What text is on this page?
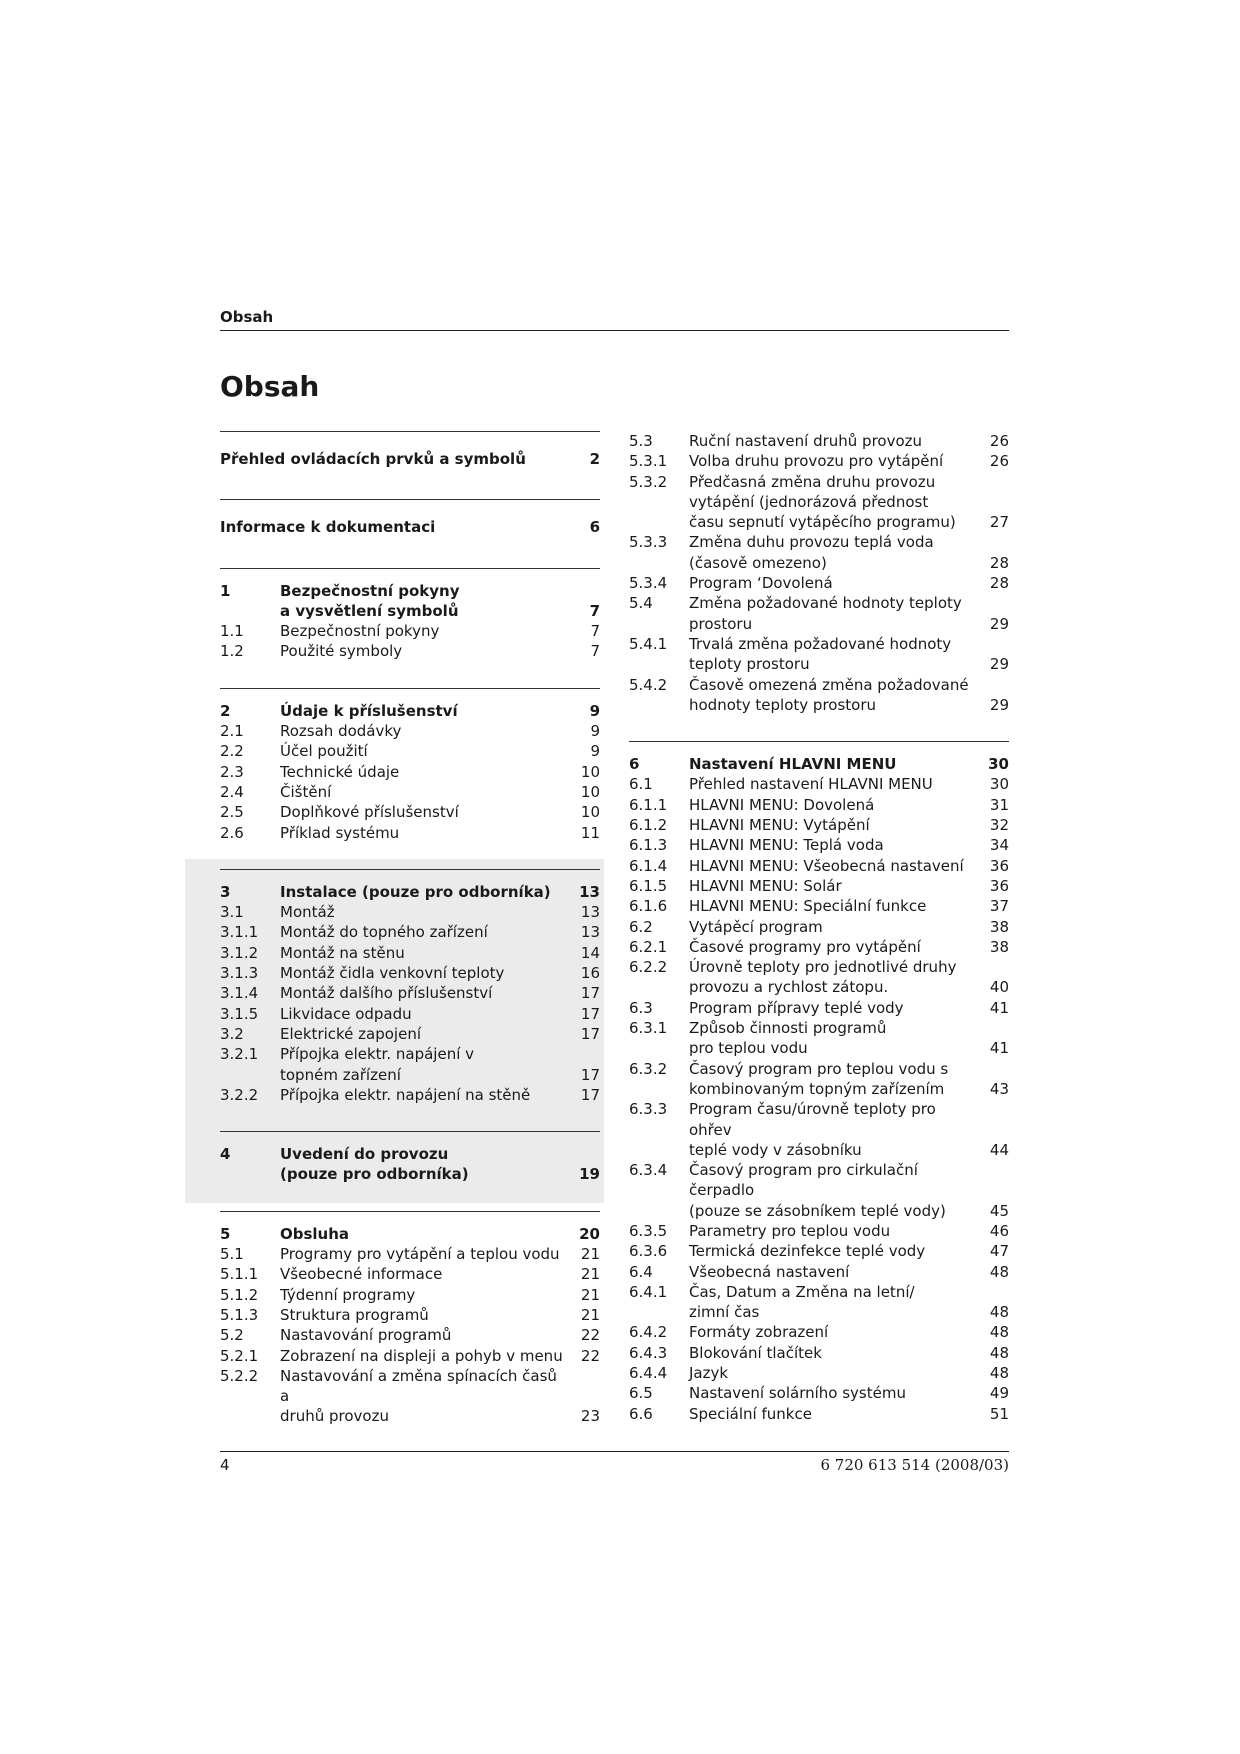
Obsah
Obsah
Přehled ovládacích prvků a symbolů	2
Informace k dokumentaci	6
1	Bezpečnostní pokyny
a vysvětlení symbolů	7
1.1	Bezpečnostní pokyny	7
1.2	Použité symboly	7
2	Údaje k příslušenství	9
2.1	Rozsah dodávky	9
2.2	Účel použití	9
2.3	Technické údaje	10
2.4	Čištění	10
2.5	Doplňkové příslušenství	10
2.6	Příklad systému	11
3	Instalace (pouze pro odborníka)	13
3.1	Montáž	13
3.1.1	Montáž do topného zařízení	13
3.1.2	Montáž na stěnu	14
3.1.3	Montáž čidla venkovní teploty	16
3.1.4	Montáž dalšího příslušenství	17
3.1.5	Likvidace odpadu	17
3.2	Elektrické zapojení	17
3.2.1	Přípojka elektr. napájení v
topném zařízení	17
3.2.2	Přípojka elektr. napájení na stěně	17
4	Uvedení do provozu
(pouze pro odborníka)	19
5	Obsluha	20
5.1	Programy pro vytápění a teplou vodu	21
5.1.1	Všeobecné informace	21
5.1.2	Týdenní programy	21
5.1.3	Struktura programů	21
5.2	Nastavování programů	22
5.2.1	Zobrazení na displeji a pohyb v menu	22
5.2.2	Nastavování a změna spínacích časů a
druhů provozu	23
5.3	Ruční nastavení druhů provozu	26
5.3.1	Volba druhu provozu pro vytápění	26
5.3.2	Předčasná změna druhu provozu
vytápění (jednorázová přednost
času sepnutí vytápěcího programu)	27
5.3.3	Změna duhu provozu teplá voda
(časově omezeno)	28
5.3.4	Program ‘Dovolená	28
5.4	Změna požadované hodnoty teploty
prostoru	29
5.4.1	Trvalá změna požadované hodnoty
teploty prostoru	29
5.4.2	Časově omezená změna požadované
hodnoty teploty prostoru	29
6	Nastavení HLAVNI MENU	30
6.1	Přehled nastavení HLAVNI MENU	30
6.1.1	HLAVNI MENU: Dovolená	31
6.1.2	HLAVNI MENU: Vytápění	32
6.1.3	HLAVNI MENU: Teplá voda	34
6.1.4	HLAVNI MENU: Všeobecná nastavení	36
6.1.5	HLAVNI MENU: Solár	36
6.1.6	HLAVNI MENU: Speciální funkce	37
6.2	Vytápěcí program	38
6.2.1	Časové programy pro vytápění	38
6.2.2	Úrovně teploty pro jednotlivé druhy
provozu a rychlost zátopu.	40
6.3	Program přípravy teplé vody	41
6.3.1	Způsob činnosti programů
pro teplou vodu	41
6.3.2	Časový program pro teplou vodu s
kombinovaným topným zařízením	43
6.3.3	Program času/úrovně teploty pro ohřev
teplé vody v zásobníku	44
6.3.4	Časový program pro cirkulační čerpadlo
(pouze se zásobníkem teplé vody)	45
6.3.5	Parametry pro teplou vodu	46
6.3.6	Termická dezinfekce teplé vody	47
6.4	Všeobecná nastavení	48
6.4.1	Čas, Datum a Změna na letní/
zimní čas	48
6.4.2	Formáty zobrazení	48
6.4.3	Blokování tlačítek	48
6.4.4	Jazyk	48
6.5	Nastavení solárního systému	49
6.6	Speciální funkce	51
4	6 720 613 514 (2008/03)
